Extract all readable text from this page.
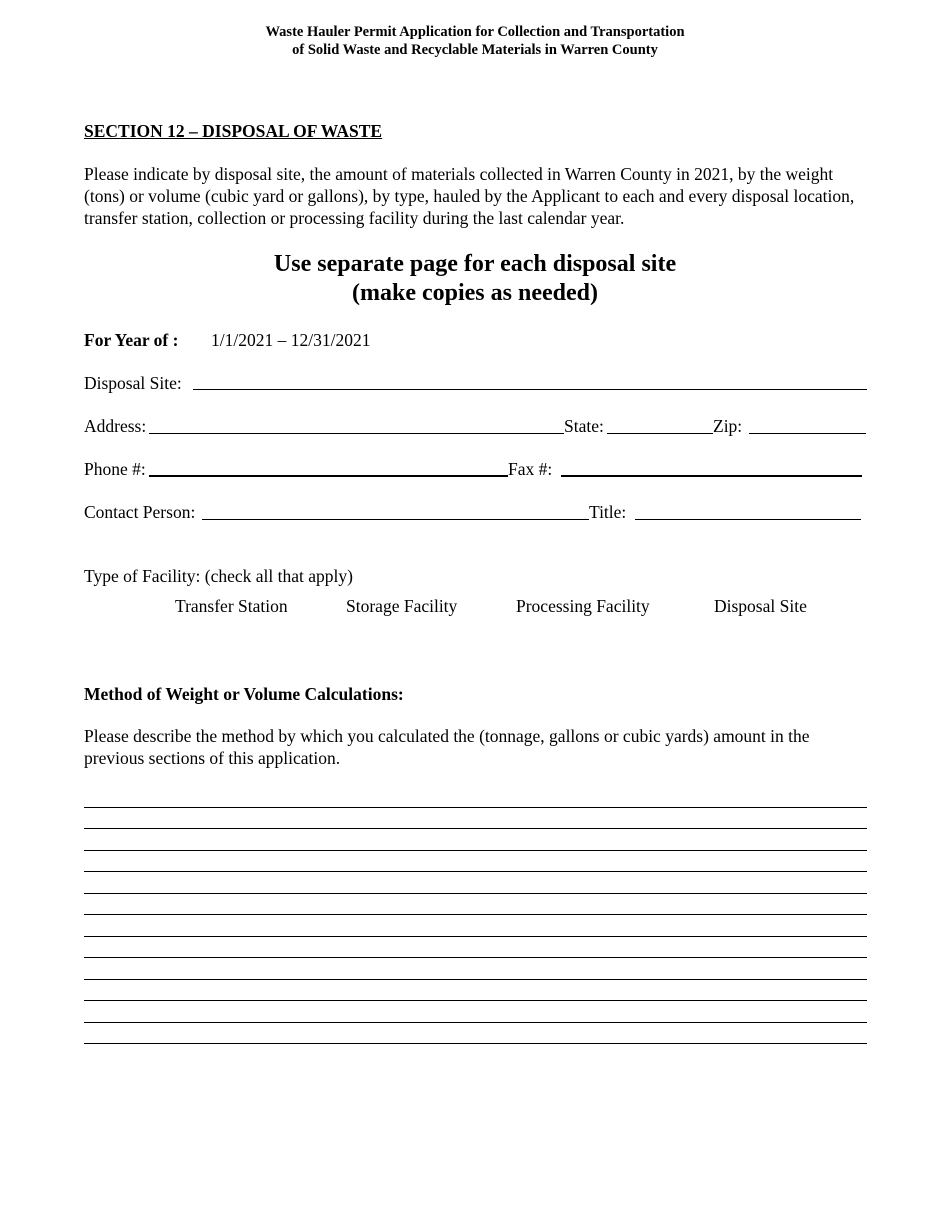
Waste Hauler Permit Application for Collection and Transportation
of Solid Waste and Recyclable Materials in Warren County
SECTION 12 – DISPOSAL OF WASTE
Please indicate by disposal site, the amount of materials collected in Warren County in 2021, by the weight (tons) or volume (cubic yard or gallons), by type, hauled by the Applicant to each and every disposal location, transfer station, collection or processing facility during the last calendar year.
Use separate page for each disposal site
(make copies as needed)
For Year of : 1/1/2021 – 12/31/2021
Disposal Site:
Address:	State:	Zip:
Phone #:	Fax #:
Contact Person:	Title:
Type of Facility: (check all that apply)
Transfer Station	Storage Facility	Processing Facility	Disposal Site
Method of Weight or Volume Calculations:
Please describe the method by which you calculated the (tonnage, gallons or cubic yards) amount in the previous sections of this application.
